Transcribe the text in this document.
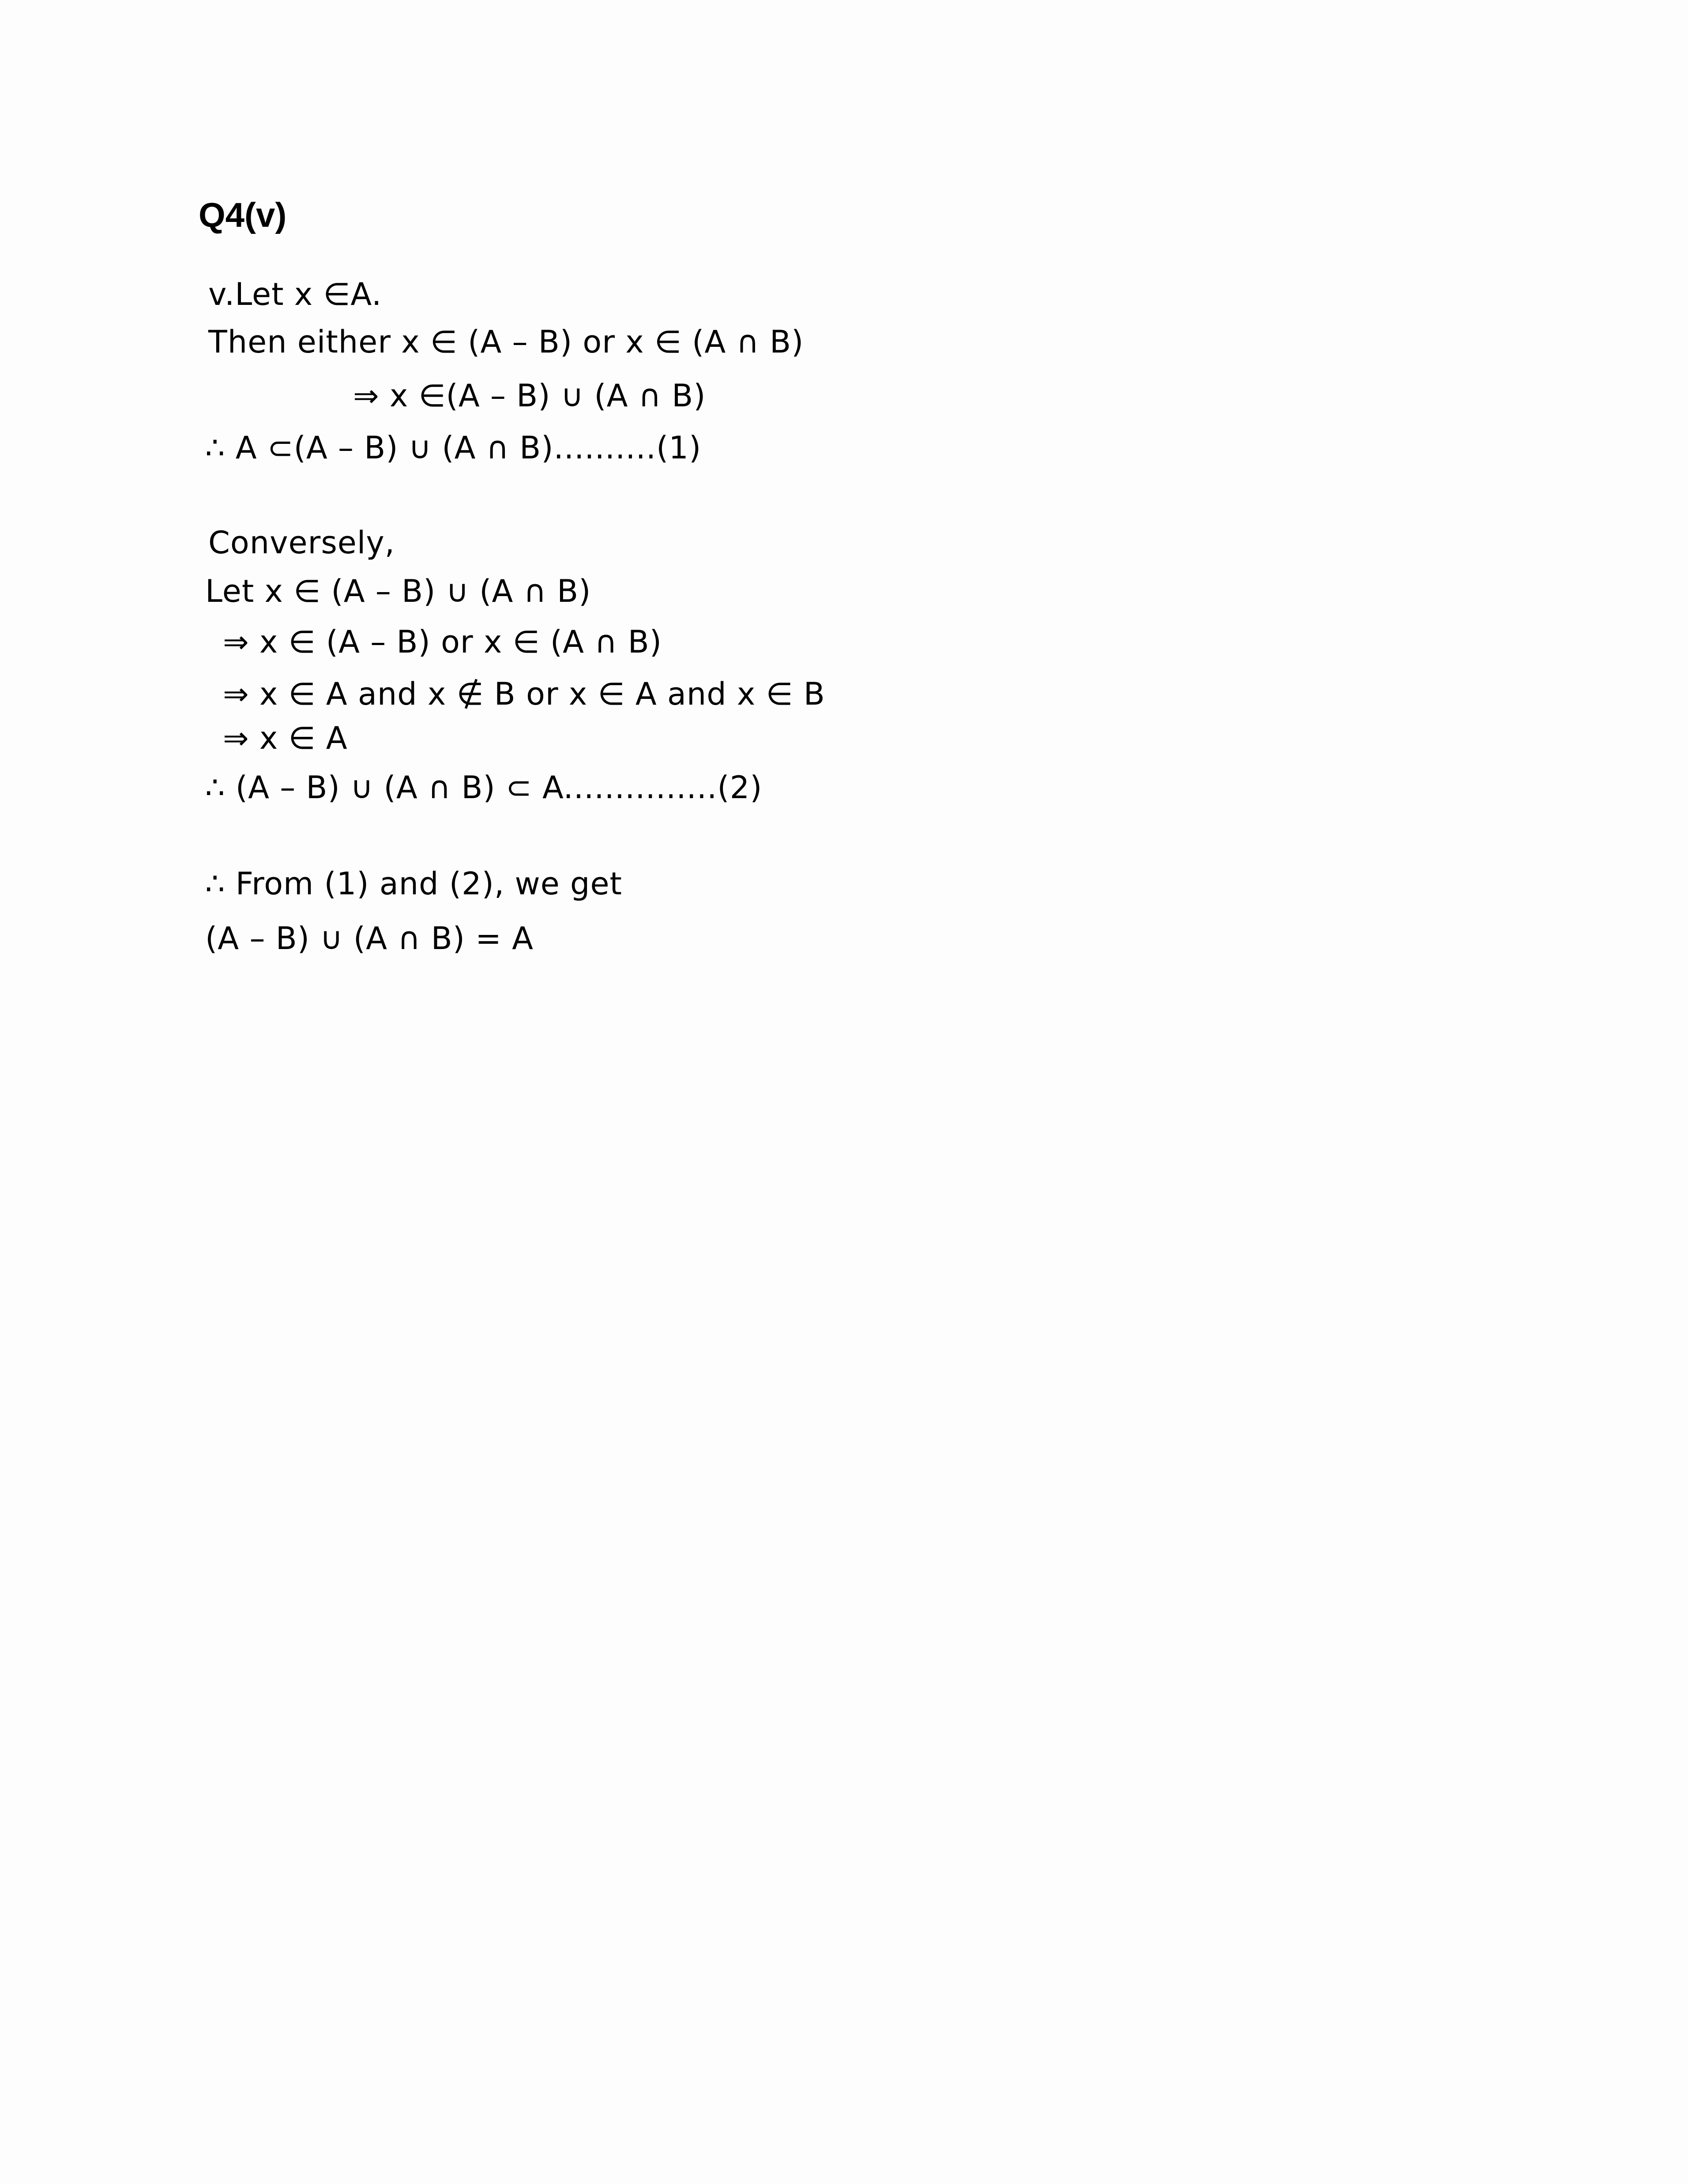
Q4(v)

v.Let x ∈A.

Then either x ∈ (A – B) or x ∈ (A ∩ B)

⇒ x ∈(A – B) ∪ (A ∩ B)

∴ A ⊂(A – B) ∪ (A ∩ B)..........(1)

Conversely,

Let x ∈ (A – B) ∪ (A ∩ B)

⇒ x ∈ (A – B) or x ∈ (A ∩ B)

⇒ x ∈ A and x ∉ B or x ∈ A and x ∈ B

⇒ x ∈ A

∴ (A – B) ∪ (A ∩ B) ⊂ A...............(2)

∴ From (1) and (2), we get

(A – B) ∪ (A ∩ B) = A
